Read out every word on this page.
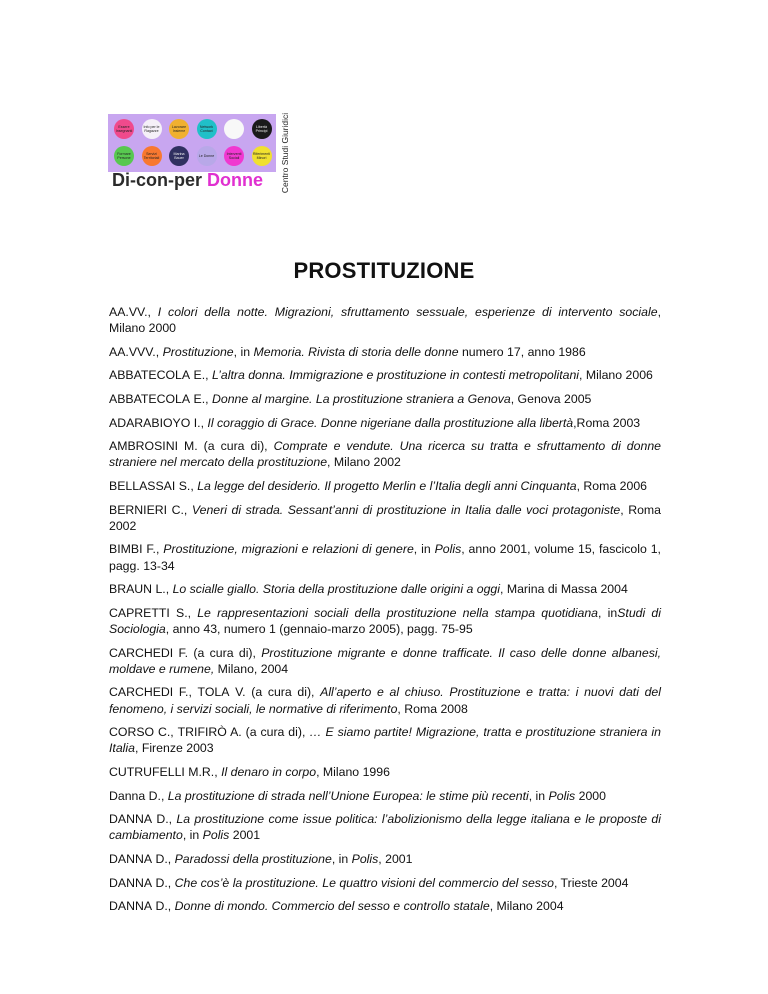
Essere Insegnanti
Info per le Ragazze
Lavorare Insieme
Network Contact
Libertà Principi
Formare Persone
Servizi Territoriali
Marina Bauer	Le Donne	Interventi Sociali
Riferimenti Minori
Di-con-per Donne Centro Studi Giuridici
PROSTITUZIONE

AA.VV., I colori della notte. Migrazioni, sfruttamento sessuale, esperienze di intervento sociale, Milano 2000

AA.VVV., Prostituzione, in Memoria. Rivista di storia delle donne numero 17, anno 1986

ABBATECOLA E., L’altra donna. Immigrazione e prostituzione in contesti metropolitani, Milano 2006

ABBATECOLA E., Donne al margine. La prostituzione straniera a Genova, Genova 2005

ADARABIOYO I., Il coraggio di Grace. Donne nigeriane dalla prostituzione alla libertà,Roma 2003

AMBROSINI M. (a cura di), Comprate e vendute. Una ricerca su tratta e sfruttamento di donne straniere nel mercato della prostituzione, Milano 2002

BELLASSAI S., La legge del desiderio. Il progetto Merlin e l’Italia degli anni Cinquanta, Roma 2006

BERNIERI C., Veneri di strada. Sessant’anni di prostituzione in Italia dalle voci protagoniste, Roma 2002

BIMBI F., Prostituzione, migrazioni e relazioni di genere, in Polis, anno 2001, volume 15, fascicolo 1, pagg. 13-34

BRAUN L., Lo scialle giallo. Storia della prostituzione dalle origini a oggi, Marina di Massa 2004

CAPRETTI S., Le rappresentazioni sociali della prostituzione nella stampa quotidiana, inStudi di Sociologia, anno 43, numero 1 (gennaio-marzo 2005), pagg. 75-95

CARCHEDI F. (a cura di), Prostituzione migrante e donne trafficate. Il caso delle donne albanesi, moldave e rumene, Milano, 2004

CARCHEDI F., TOLA V. (a cura di), All’aperto e al chiuso. Prostituzione e tratta: i nuovi dati del fenomeno, i servizi sociali, le normative di riferimento, Roma 2008

CORSO C., TRIFIRÒ A. (a cura di), … E siamo partite! Migrazione, tratta e prostituzione straniera in Italia, Firenze 2003

CUTRUFELLI M.R., Il denaro in corpo, Milano 1996

Danna D., La prostituzione di strada nell’Unione Europea: le stime più recenti, in Polis 2000

DANNA D., La prostituzione come issue politica: l’abolizionismo della legge italiana e le proposte di cambiamento, in Polis 2001

DANNA D., Paradossi della prostituzione, in Polis, 2001

DANNA D., Che cos’è la prostituzione. Le quattro visioni del commercio del sesso, Trieste 2004

DANNA D., Donne di mondo. Commercio del sesso e controllo statale, Milano 2004
